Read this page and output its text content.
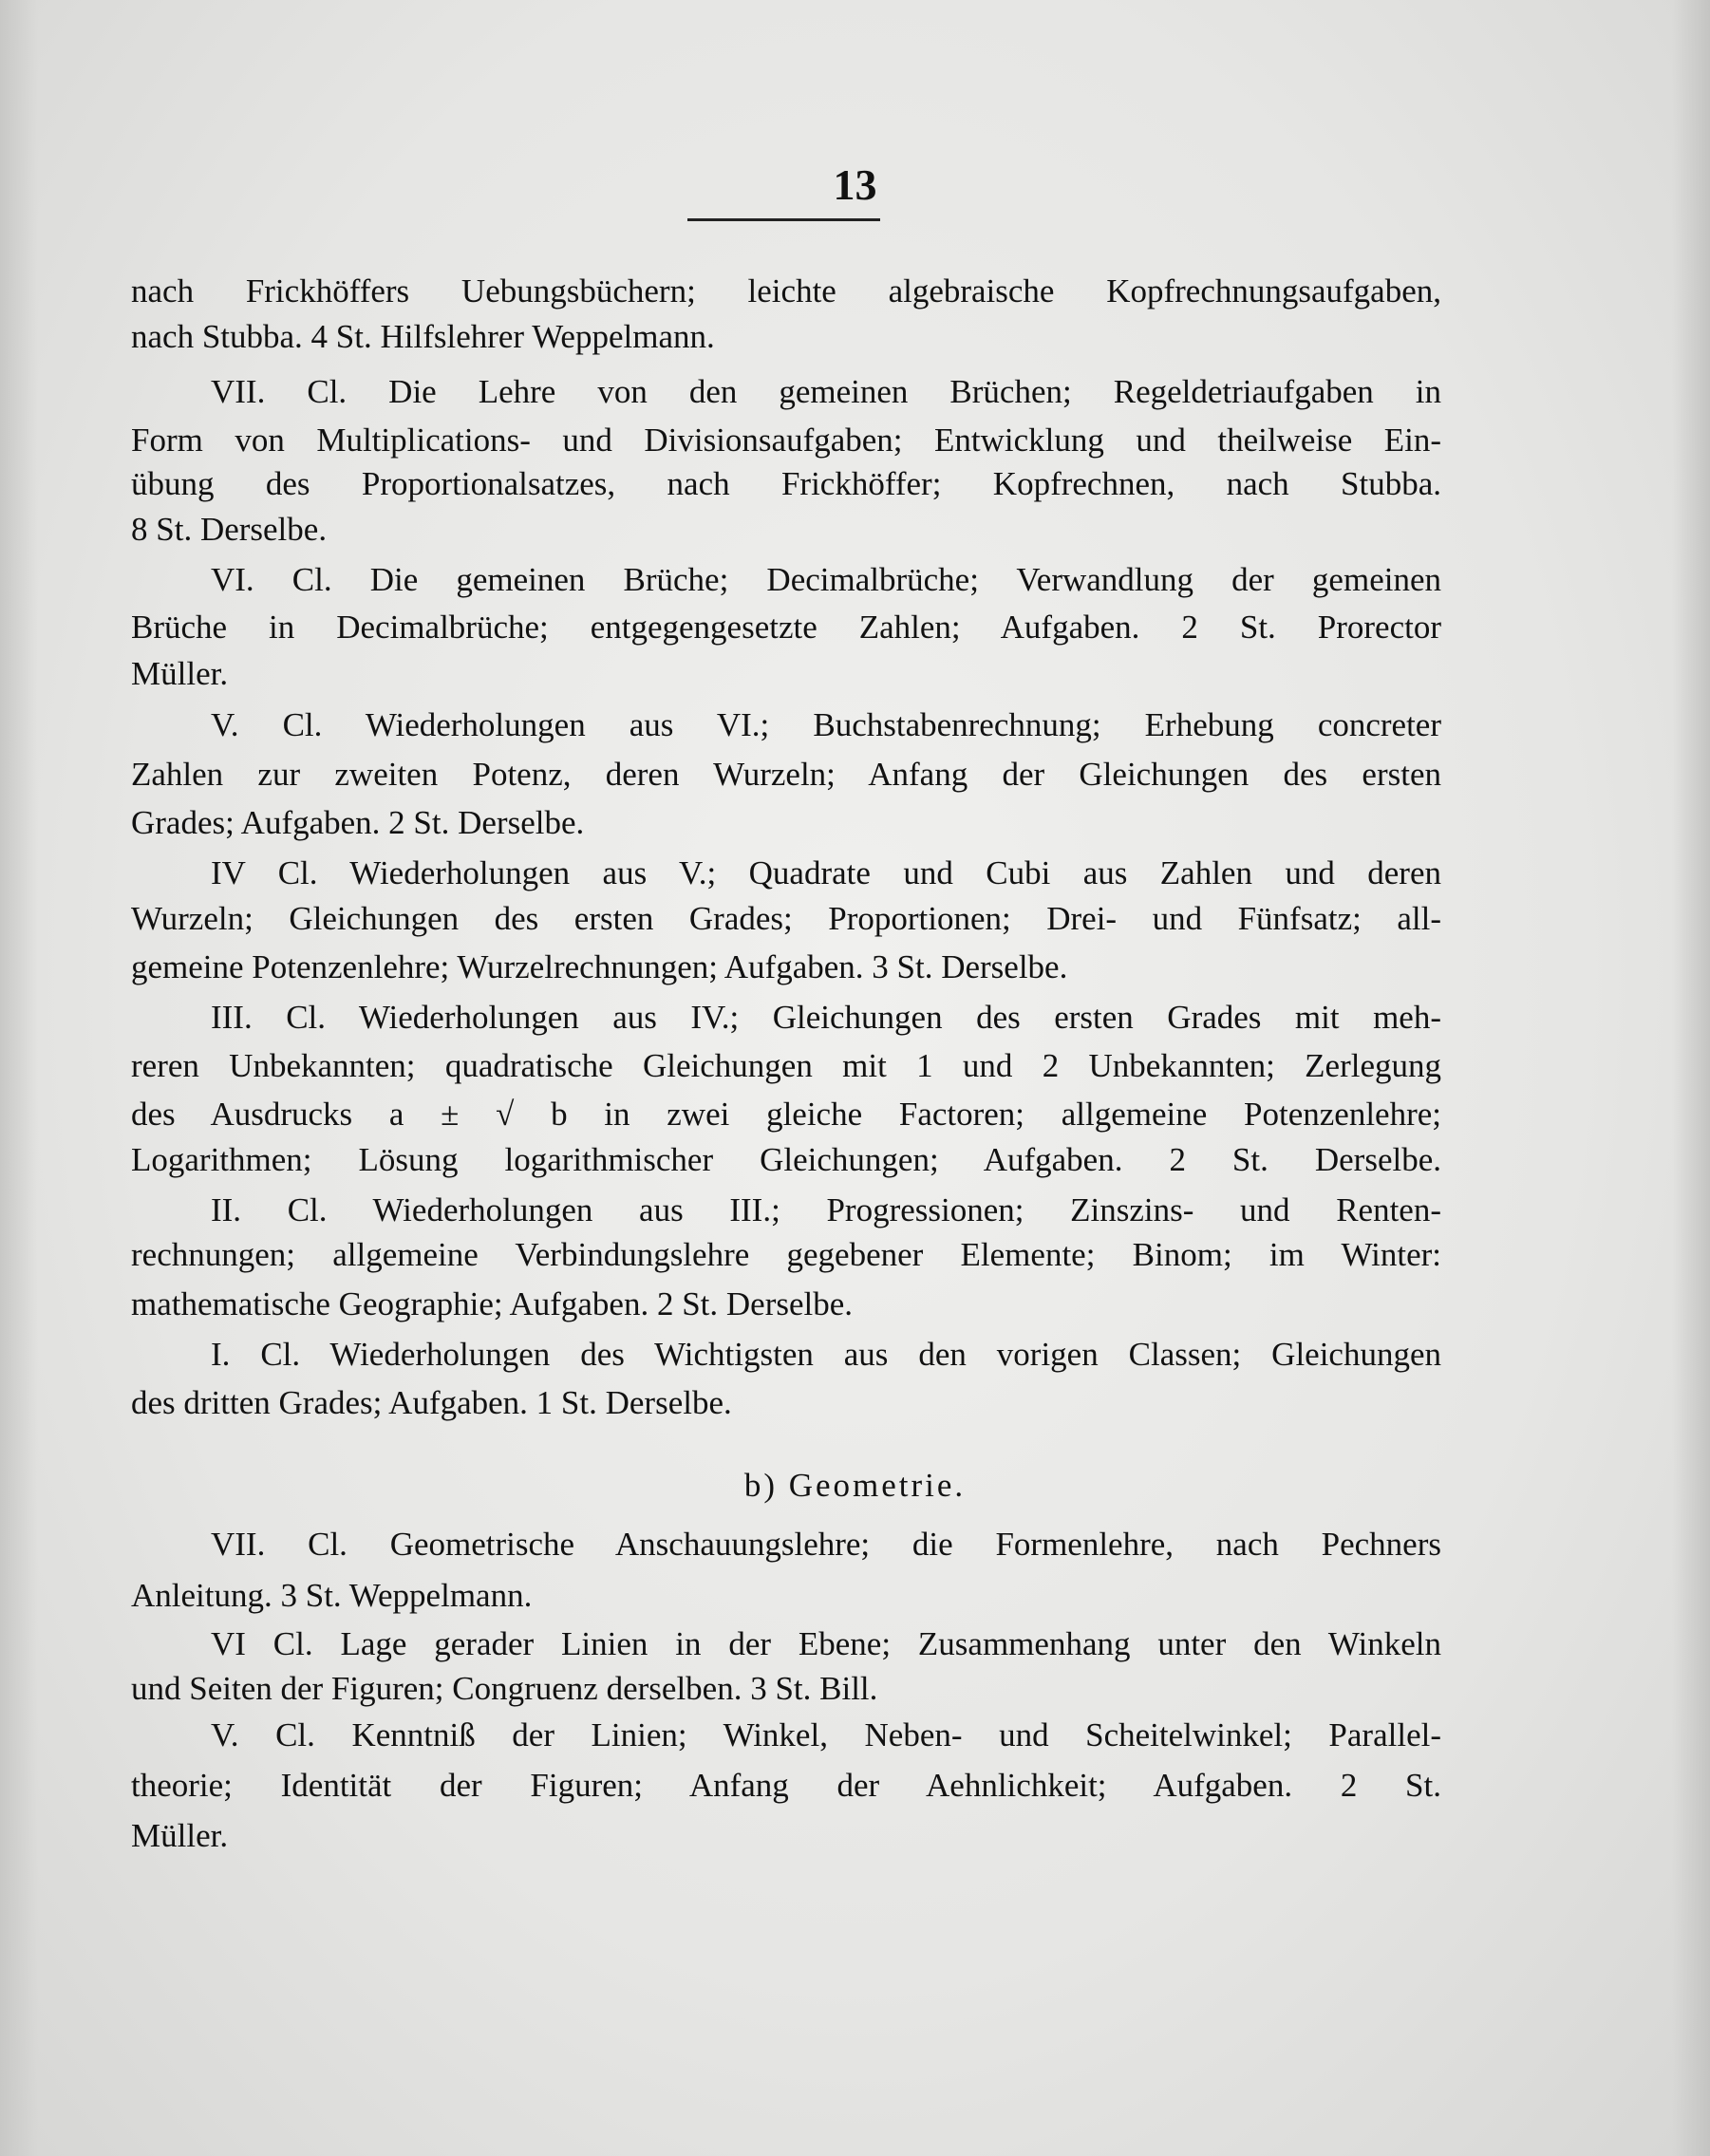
13
b) Geometrie.
nach Frickhöffers Uebungsbüchern; leichte algebraische Kopfrechnungsaufgaben,
nach Stubba. 4 St. Hilfslehrer Weppelmann.
VII. Cl. Die Lehre von den gemeinen Brüchen; Regeldetriaufgaben in
Form von Multiplications- und Divisionsaufgaben; Entwicklung und theilweise Ein-
übung des Proportionalsatzes, nach Frickhöffer; Kopfrechnen, nach Stubba.
8 St. Derselbe.
VI. Cl. Die gemeinen Brüche; Decimalbrüche; Verwandlung der gemeinen
Brüche in Decimalbrüche; entgegengesetzte Zahlen; Aufgaben. 2 St. Prorector
Müller.
V. Cl. Wiederholungen aus VI.; Buchstabenrechnung; Erhebung concreter
Zahlen zur zweiten Potenz, deren Wurzeln; Anfang der Gleichungen des ersten
Grades; Aufgaben. 2 St. Derselbe.
IV Cl. Wiederholungen aus V.; Quadrate und Cubi aus Zahlen und deren
Wurzeln; Gleichungen des ersten Grades; Proportionen; Drei- und Fünfsatz; all-
gemeine Potenzenlehre; Wurzelrechnungen; Aufgaben. 3 St. Derselbe.
III. Cl. Wiederholungen aus IV.; Gleichungen des ersten Grades mit meh-
reren Unbekannten; quadratische Gleichungen mit 1 und 2 Unbekannten; Zerlegung
des Ausdrucks a ± √ b in zwei gleiche Factoren; allgemeine Potenzenlehre;
Logarithmen; Lösung logarithmischer Gleichungen; Aufgaben. 2 St. Derselbe.
II. Cl. Wiederholungen aus III.; Progressionen; Zinszins- und Renten-
rechnungen; allgemeine Verbindungslehre gegebener Elemente; Binom; im Winter:
mathematische Geographie; Aufgaben. 2 St. Derselbe.
I. Cl. Wiederholungen des Wichtigsten aus den vorigen Classen; Gleichungen
des dritten Grades; Aufgaben. 1 St. Derselbe.
VII. Cl. Geometrische Anschauungslehre; die Formenlehre, nach Pechners
Anleitung. 3 St. Weppelmann.
VI Cl. Lage gerader Linien in der Ebene; Zusammenhang unter den Winkeln
und Seiten der Figuren; Congruenz derselben. 3 St. Bill.
V. Cl. Kenntniß der Linien; Winkel, Neben- und Scheitelwinkel; Parallel-
theorie; Identität der Figuren; Anfang der Aehnlichkeit; Aufgaben. 2 St.
Müller.
